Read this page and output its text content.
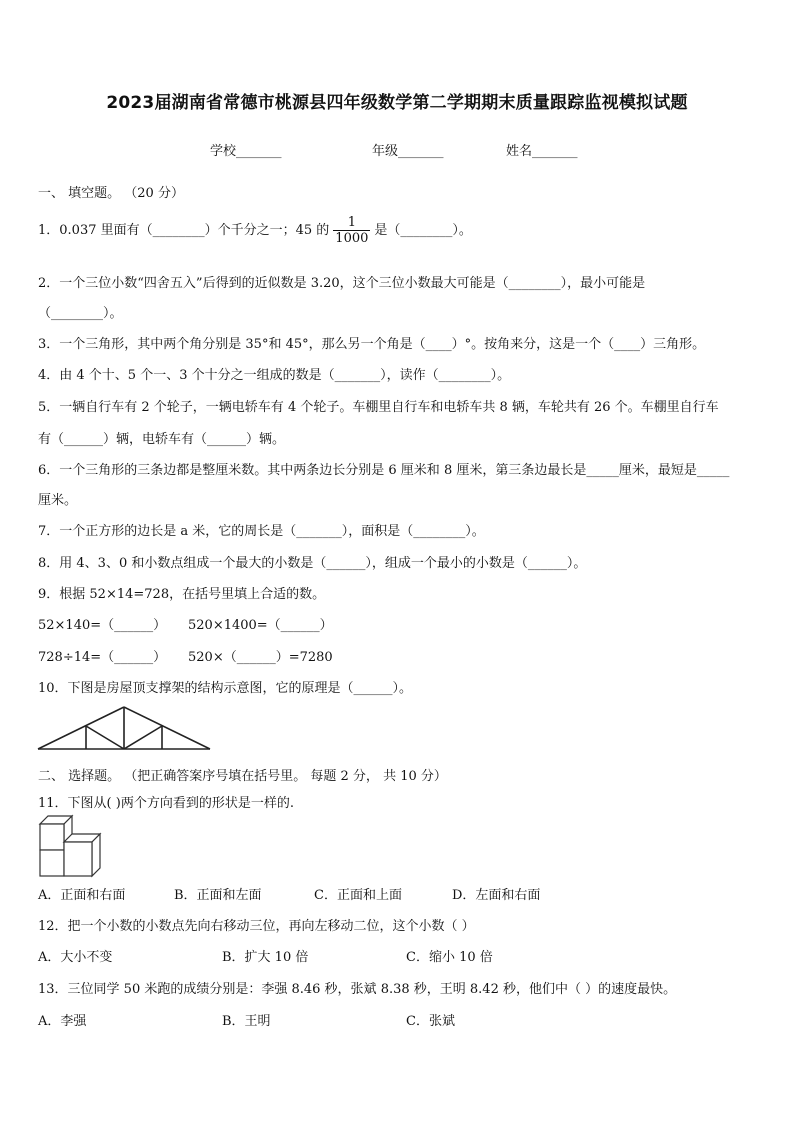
2023届湖南省常德市桃源县四年级数学第二学期期末质量跟踪监视模拟试题
学校_______	年级_______	姓名_______
一、 填空题。 （20 分）
1．0.037 里面有（________）个千分之一；45 的 $\frac{1}{1000}$ 是（________）。
2．一个三位小数“四舍五入”后得到的近似数是 3.20，这个三位小数最大可能是（________），最小可能是
（________）。
3．一个三角形，其中两个角分别是 35°和 45°，那么另一个角是（____）°。按角来分，这是一个（____）三角形。
4．由 4 个十、5 个一、3 个十分之一组成的数是（_______），读作（________）。
5．一辆自行车有 2 个轮子，一辆电轿车有 4 个轮子。车棚里自行车和电轿车共 8 辆，车轮共有 26 个。车棚里自行车
有（______）辆，电轿车有（______）辆。
6．一个三角形的三条边都是整厘米数。其中两条边长分别是 6 厘米和 8 厘米，第三条边最长是_____厘米，最短是_____
厘米。
7．一个正方形的边长是 a 米，它的周长是（_______），面积是（________）。
8．用 4、3、0 和小数点组成一个最大的小数是（______），组成一个最小的小数是（______）。
9．根据 52×14=728，在括号里填上合适的数。
52×140=（______） 520×1400=（______）
728÷14=（______） 520×（______）=7280
10．下图是房屋顶支撑架的结构示意图，它的原理是（______）。
二、 选择题。 （把正确答案序号填在括号里。 每题 2 分， 共 10 分）
11．下图从( )两个方向看到的形状是一样的.
A．正面和右面	B．正面和左面	C．正面和上面	D．左面和右面
12．把一个小数的小数点先向右移动三位，再向左移动二位，这个小数（ ）
A．大小不变	B．扩大 10 倍	C．缩小 10 倍
13．三位同学 50 米跑的成绩分别是：李强 8.46 秒，张斌 8.38 秒，王明 8.42 秒，他们中（ ）的速度最快。
A．李强	B．王明	C．张斌
